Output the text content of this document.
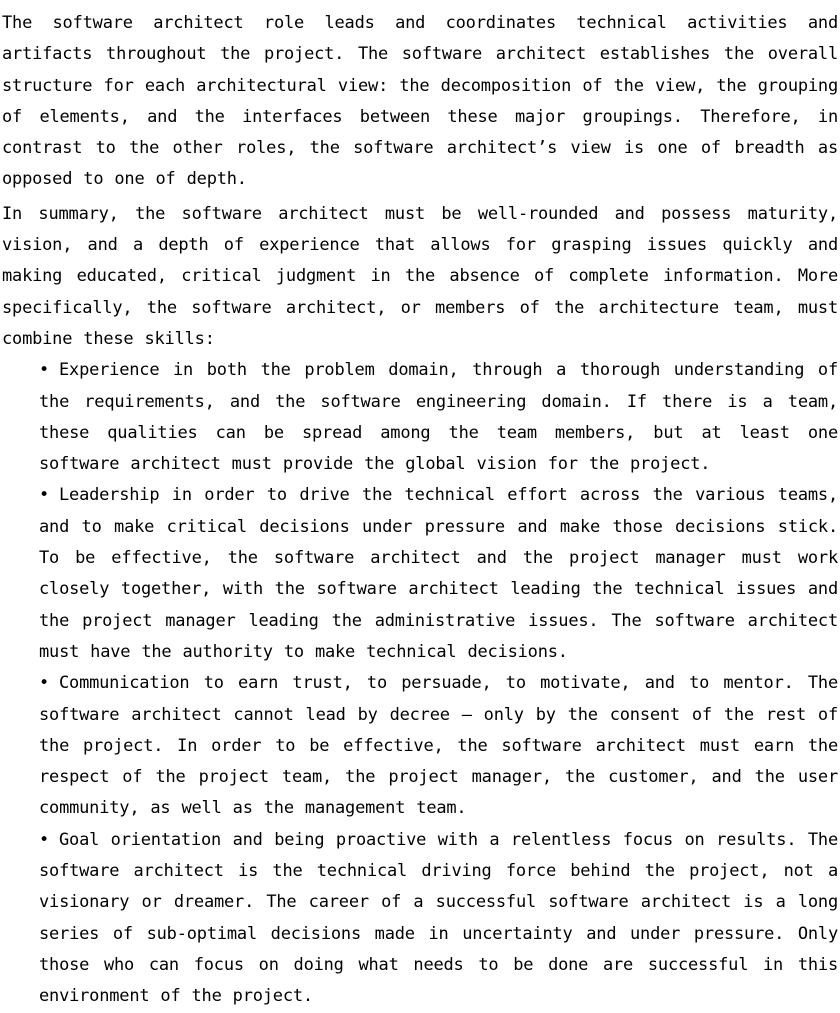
The software architect role leads and coordinates technical activities and artifacts throughout the project. The software architect establishes the overall structure for each architectural view: the decomposition of the view, the grouping of elements, and the interfaces between these major groupings. Therefore, in contrast to the other roles, the software architect’s view is one of breadth as opposed to one of depth.

In summary, the software architect must be well-rounded and possess maturity, vision, and a depth of experience that allows for grasping issues quickly and making educated, critical judgment in the absence of complete information. More specifically, the software architect, or members of the architecture team, must combine these skills:

• Experience in both the problem domain, through a thorough understanding of the requirements, and the software engineering domain. If there is a team, these qualities can be spread among the team members, but at least one software architect must provide the global vision for the project.
• Leadership in order to drive the technical effort across the various teams, and to make critical decisions under pressure and make those decisions stick. To be effective, the software architect and the project manager must work closely together, with the software architect leading the technical issues and the project manager leading the administrative issues. The software architect must have the authority to make technical decisions.
• Communication to earn trust, to persuade, to motivate, and to mentor. The software architect cannot lead by decree — only by the consent of the rest of the project. In order to be effective, the software architect must earn the respect of the project team, the project manager, the customer, and the user community, as well as the management team.
• Goal orientation and being proactive with a relentless focus on results. The software architect is the technical driving force behind the project, not a visionary or dreamer. The career of a successful software architect is a long series of sub-optimal decisions made in uncertainty and under pressure. Only those who can focus on doing what needs to be done are successful in this environment of the project.
